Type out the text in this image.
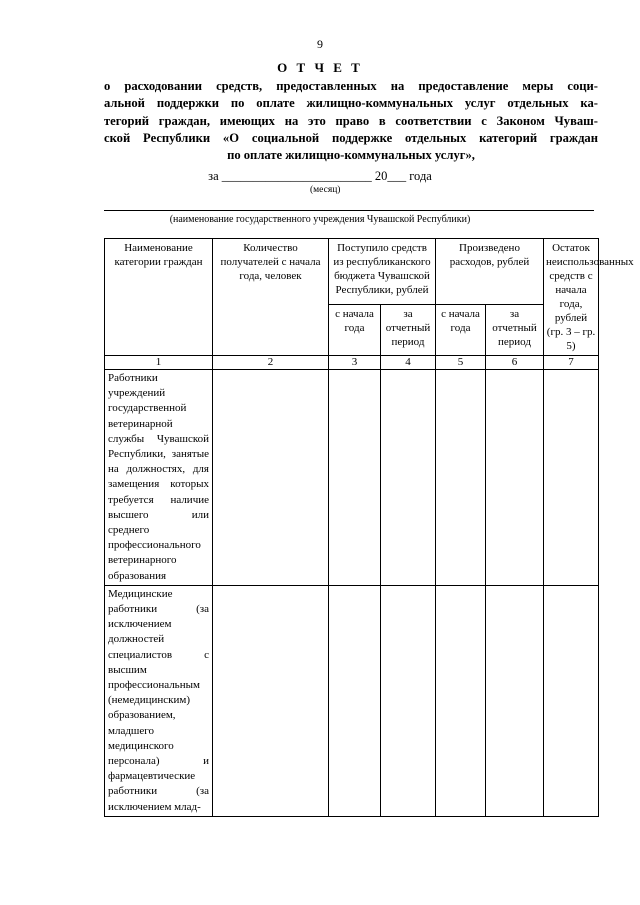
9
О Т Ч Е Т
о расходовании средств, предоставленных на предоставление меры соци-
альной поддержки по оплате жилищно-коммунальных услуг отдельных ка-
тегорий граждан, имеющих на это право в соответствии с Законом Чуваш-
ской Республики «О социальной поддержке отдельных категорий граждан
по оплате жилищно-коммунальных услуг»,
за ________________________ 20___ года
(месяц)
(наименование государственного учреждения Чувашской Республики)
Наименование категории граждан	Количество получателей с начала года, человек	Поступило средств из республиканского бюджета Чувашской Республики, рублей		Произведено расходов, рублей		Остаток неиспользованных средств с начала года, рублей (гр. 3 – гр. 5)
		с начала года	за отчетный период	с начала года	за отчетный период	
1	2	3	4	5	6	7
Работники учреждений государственной ветеринарной службы Чувашской Республики, занятые на должностях, для замещения которых требуется наличие высшего или среднего профессионального ветеринарного образования						
Медицинские работники (за исключением должностей специалистов с высшим профессиональным (немедицинским) образованием, младшего медицинского персонала) и фармацевтические работники (за исключением млад-						
